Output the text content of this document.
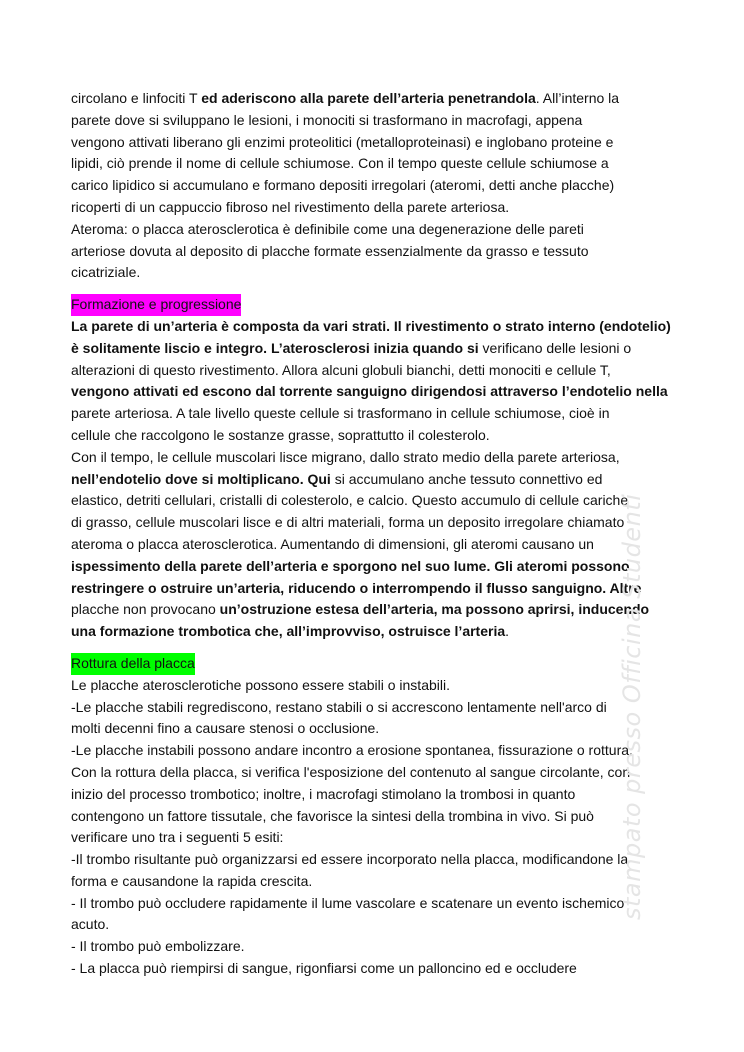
circolano e linfociti T ed aderiscono alla parete dell’arteria penetrandola. All’interno la

parete dove si sviluppano le lesioni, i monociti si trasformano in macrofagi, appena

vengono attivati liberano gli enzimi proteolitici (metalloproteinasi) e inglobano proteine e

lipidi, ciò prende il nome di cellule schiumose. Con il tempo queste cellule schiumose a

carico lipidico si accumulano e formano depositi irregolari (ateromi, detti anche placche)

ricoperti di un cappuccio fibroso nel rivestimento della parete arteriosa.

Ateroma: o placca aterosclerotica è definibile come una degenerazione delle pareti

arteriose dovuta al deposito di placche formate essenzialmente da grasso e tessuto

cicatriziale.

Formazione e progressione

La parete di un’arteria è composta da vari strati. Il rivestimento o strato interno (endotelio)

è solitamente liscio e integro. L’aterosclerosi inizia quando si verificano delle lesioni o

alterazioni di questo rivestimento. Allora alcuni globuli bianchi, detti monociti e cellule T,

vengono attivati ed escono dal torrente sanguigno dirigendosi attraverso l’endotelio nella

parete arteriosa. A tale livello queste cellule si trasformano in cellule schiumose, cioè in

cellule che raccolgono le sostanze grasse, soprattutto il colesterolo.

Con il tempo, le cellule muscolari lisce migrano, dallo strato medio della parete arteriosa,

nell’endotelio dove si moltiplicano. Qui si accumulano anche tessuto connettivo ed

elastico, detriti cellulari, cristalli di colesterolo, e calcio. Questo accumulo di cellule cariche

di grasso, cellule muscolari lisce e di altri materiali, forma un deposito irregolare chiamato

ateroma o placca aterosclerotica. Aumentando di dimensioni, gli ateromi causano un

ispessimento della parete dell’arteria e sporgono nel suo lume. Gli ateromi possono

restringere o ostruire un’arteria, riducendo o interrompendo il flusso sanguigno. Altre

placche non provocano un’ostruzione estesa dell’arteria, ma possono aprirsi, inducendo

una formazione trombotica che, all’improvviso, ostruisce l’arteria.

Rottura della placca

Le placche aterosclerotiche possono essere stabili o instabili.

-Le placche stabili regrediscono, restano stabili o si accrescono lentamente nell'arco di

molti decenni fino a causare stenosi o occlusione.

-Le placche instabili possono andare incontro a erosione spontanea, fissurazione o rottura.

Con la rottura della placca, si verifica l'esposizione del contenuto al sangue circolante, con

inizio del processo trombotico; inoltre, i macrofagi stimolano la trombosi in quanto

contengono un fattore tissutale, che favorisce la sintesi della trombina in vivo. Si può

verificare uno tra i seguenti 5 esiti:

-Il trombo risultante può organizzarsi ed essere incorporato nella placca, modificandone la

forma e causandone la rapida crescita.

- Il trombo può occludere rapidamente il lume vascolare e scatenare un evento ischemico

acuto.

- Il trombo può embolizzare.

- La placca può riempirsi di sangue, rigonfiarsi come un palloncino ed e occludere

stampato presso Officina Studenti
